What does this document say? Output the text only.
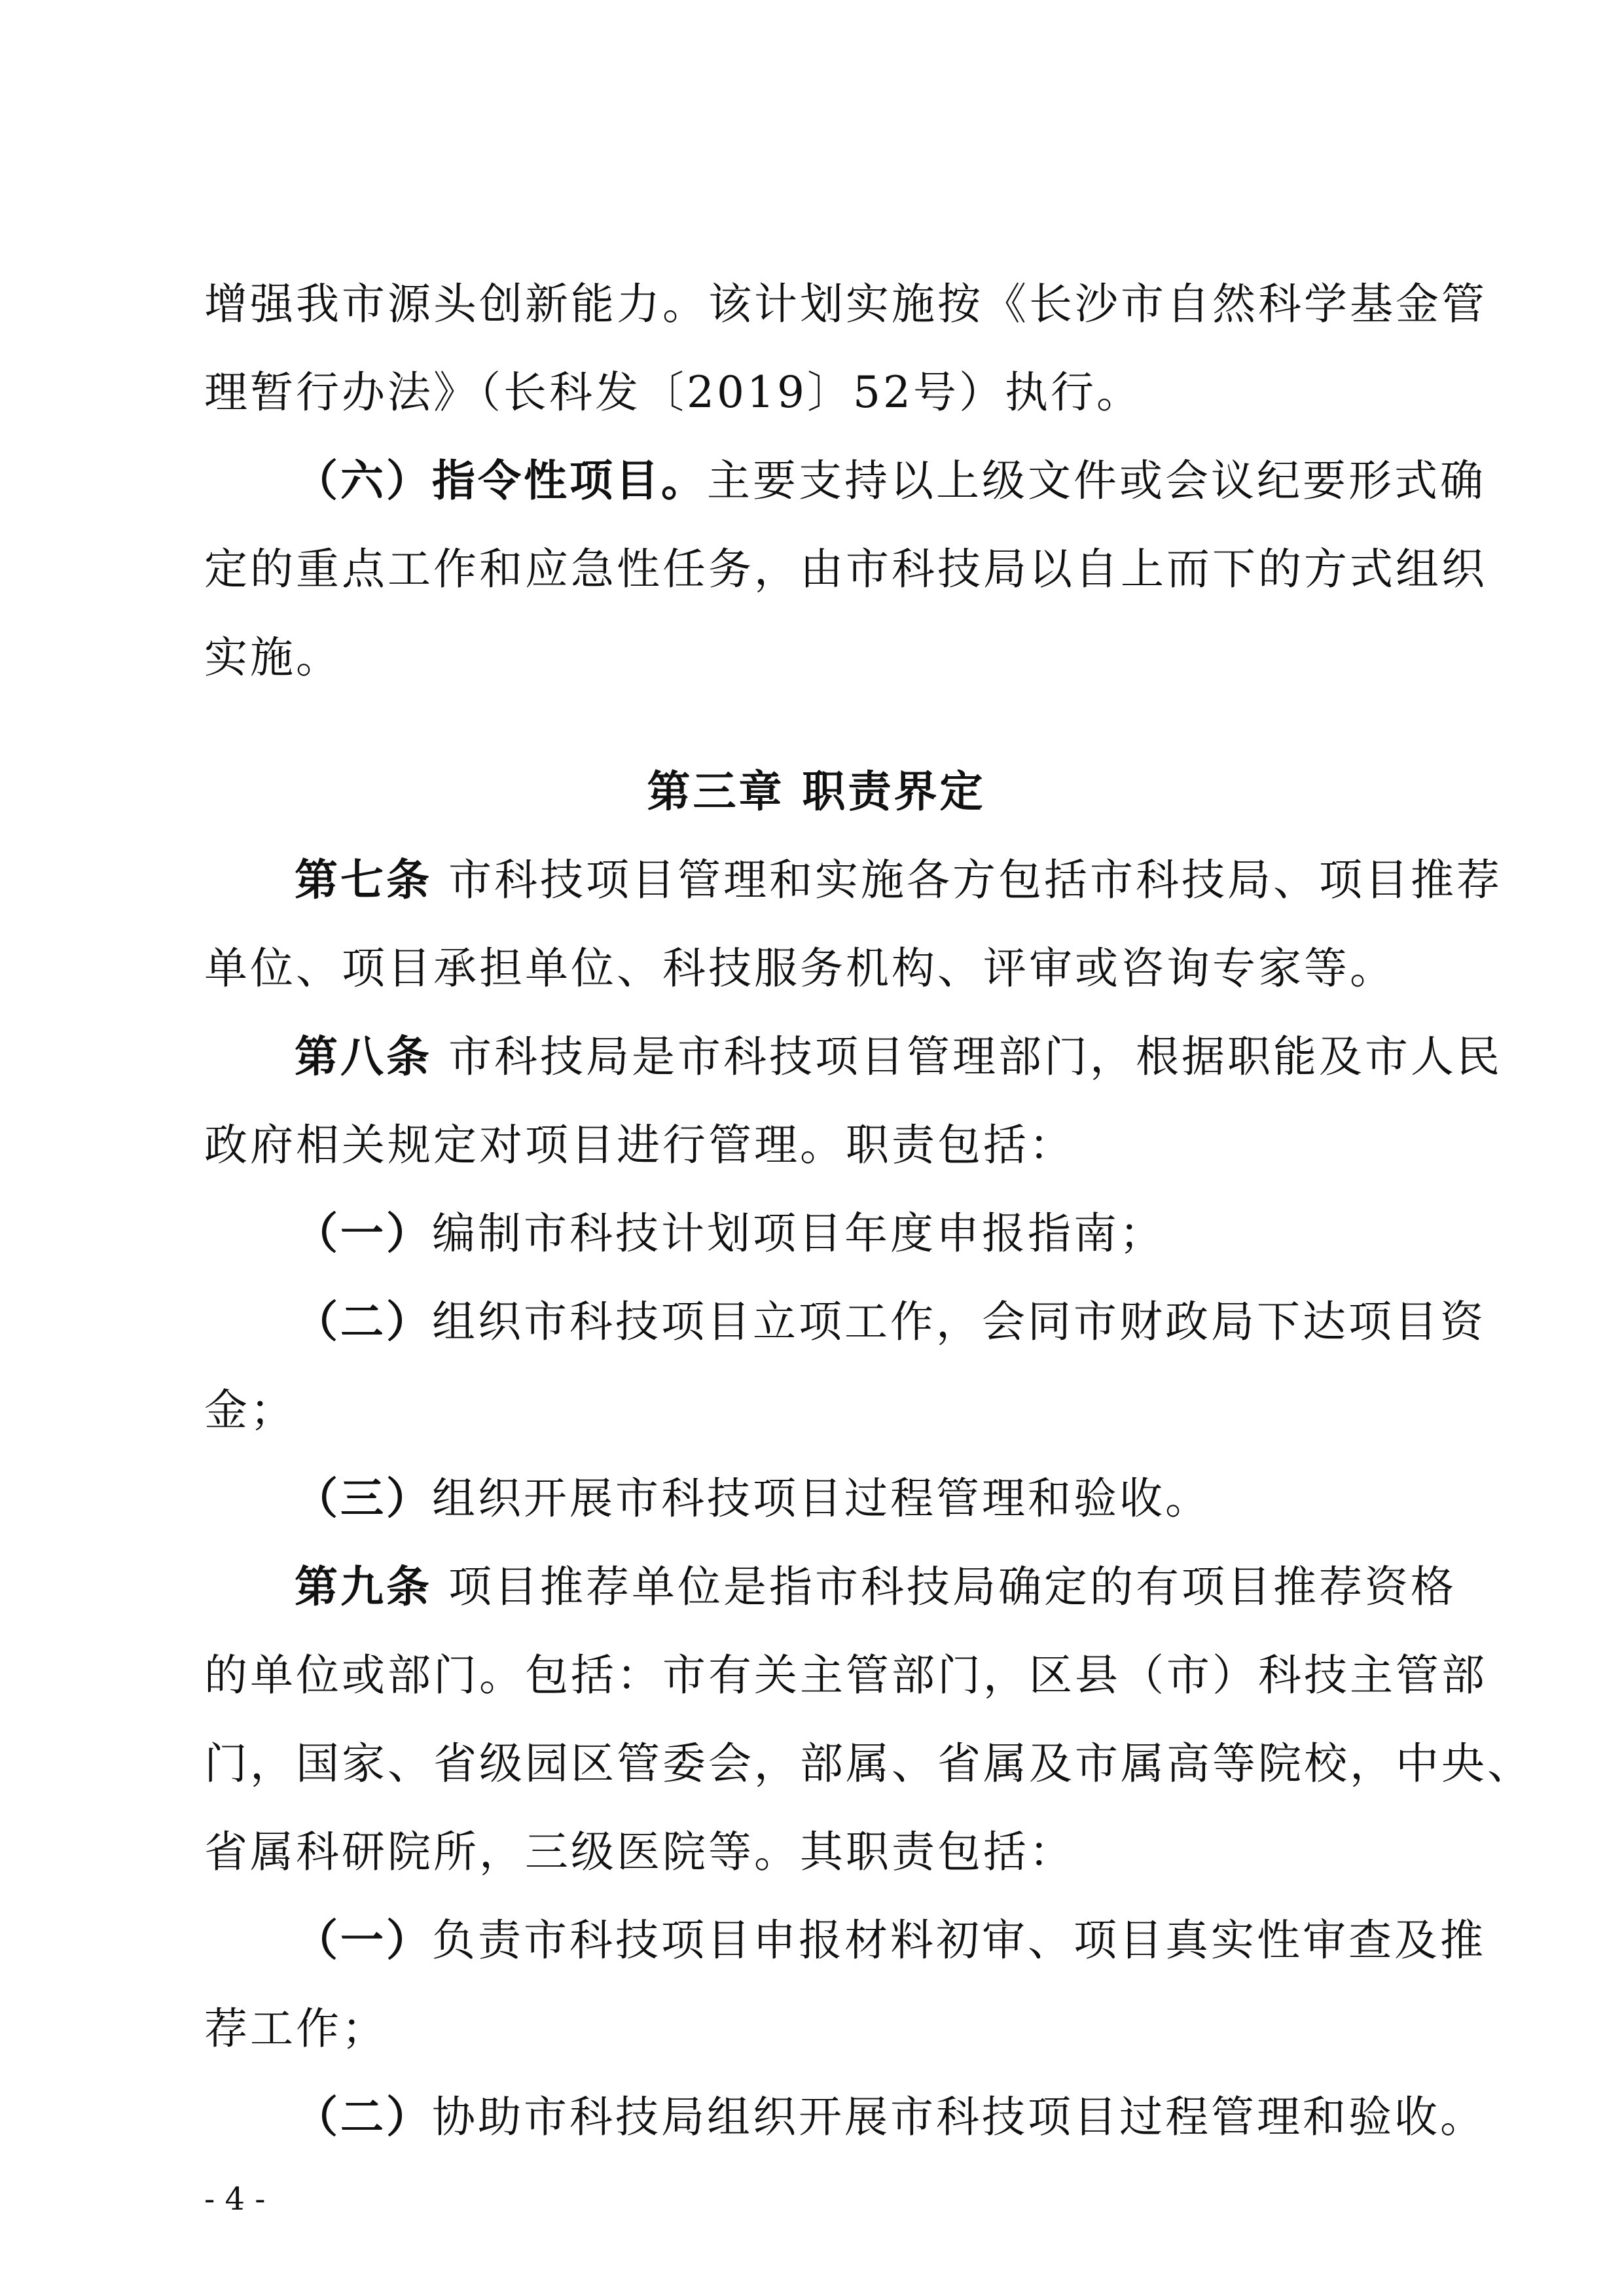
增强我市源头创新能力。该计划实施按《长沙市自然科学基金管
理暂行办法》（长科发〔2019〕52号）执行。
（六）指令性项目。主要支持以上级文件或会议纪要形式确
定的重点工作和应急性任务，由市科技局以自上而下的方式组织
实施。
第三章 职责界定
第七条 市科技项目管理和实施各方包括市科技局、项目推荐
单位、项目承担单位、科技服务机构、评审或咨询专家等。
第八条 市科技局是市科技项目管理部门，根据职能及市人民
政府相关规定对项目进行管理。职责包括：
（一）编制市科技计划项目年度申报指南；
（二）组织市科技项目立项工作，会同市财政局下达项目资
金；
（三）组织开展市科技项目过程管理和验收。
第九条 项目推荐单位是指市科技局确定的有项目推荐资格
的单位或部门。包括：市有关主管部门，区县（市）科技主管部
门，国家、省级园区管委会，部属、省属及市属高等院校，中央、
省属科研院所，三级医院等。其职责包括：
（一）负责市科技项目申报材料初审、项目真实性审查及推
荐工作；
（二）协助市科技局组织开展市科技项目过程管理和验收。
- 4 -
